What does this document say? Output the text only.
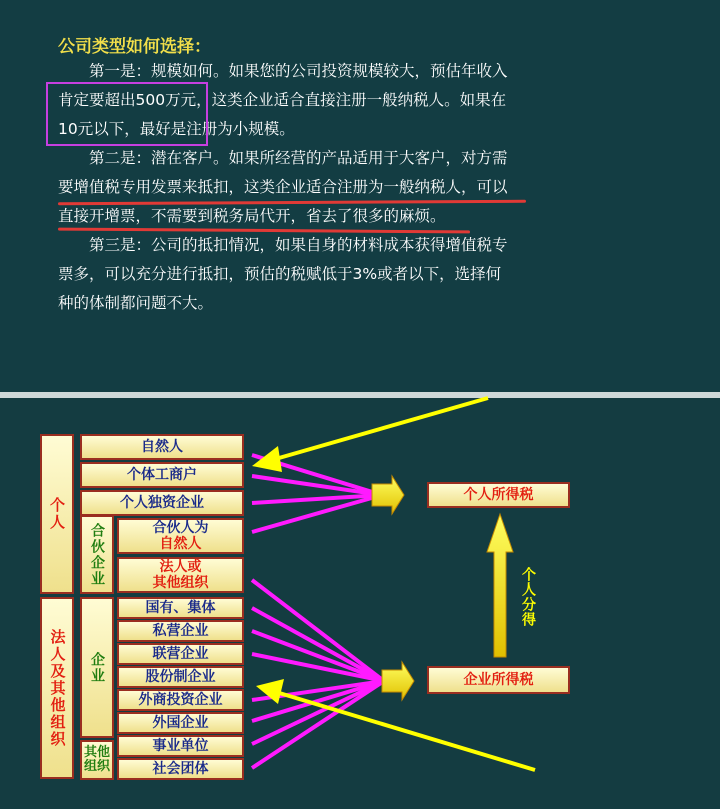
公司类型如何选择：
第一是：规模如何。如果您的公司投资规模较大，预估年收入
肯定要超出500万元，这类企业适合直接注册一般纳税人。如果在
10元以下，最好是注册为小规模。
第二是：潜在客户。如果所经营的产品适用于大客户，对方需
要增值税专用发票来抵扣，这类企业适合注册为一般纳税人，可以
直接开增票，不需要到税务局代开，省去了很多的麻烦。
第三是：公司的抵扣情况，如果自身的材料成本获得增值税专
票多，可以充分进行抵扣，预估的税赋低于3%或者以下，选择何
种的体制都问题不大。
个人
法人及其他组织
合伙企业
企业
其他组织
自然人
个体工商户
个人独资企业
合伙人为
自然人
法人或
其他组织
国有、集体
私营企业
联营企业
股份制企业
外商投资企业
外国企业
事业单位
社会团体
个人所得税
企业所得税
个人分得
